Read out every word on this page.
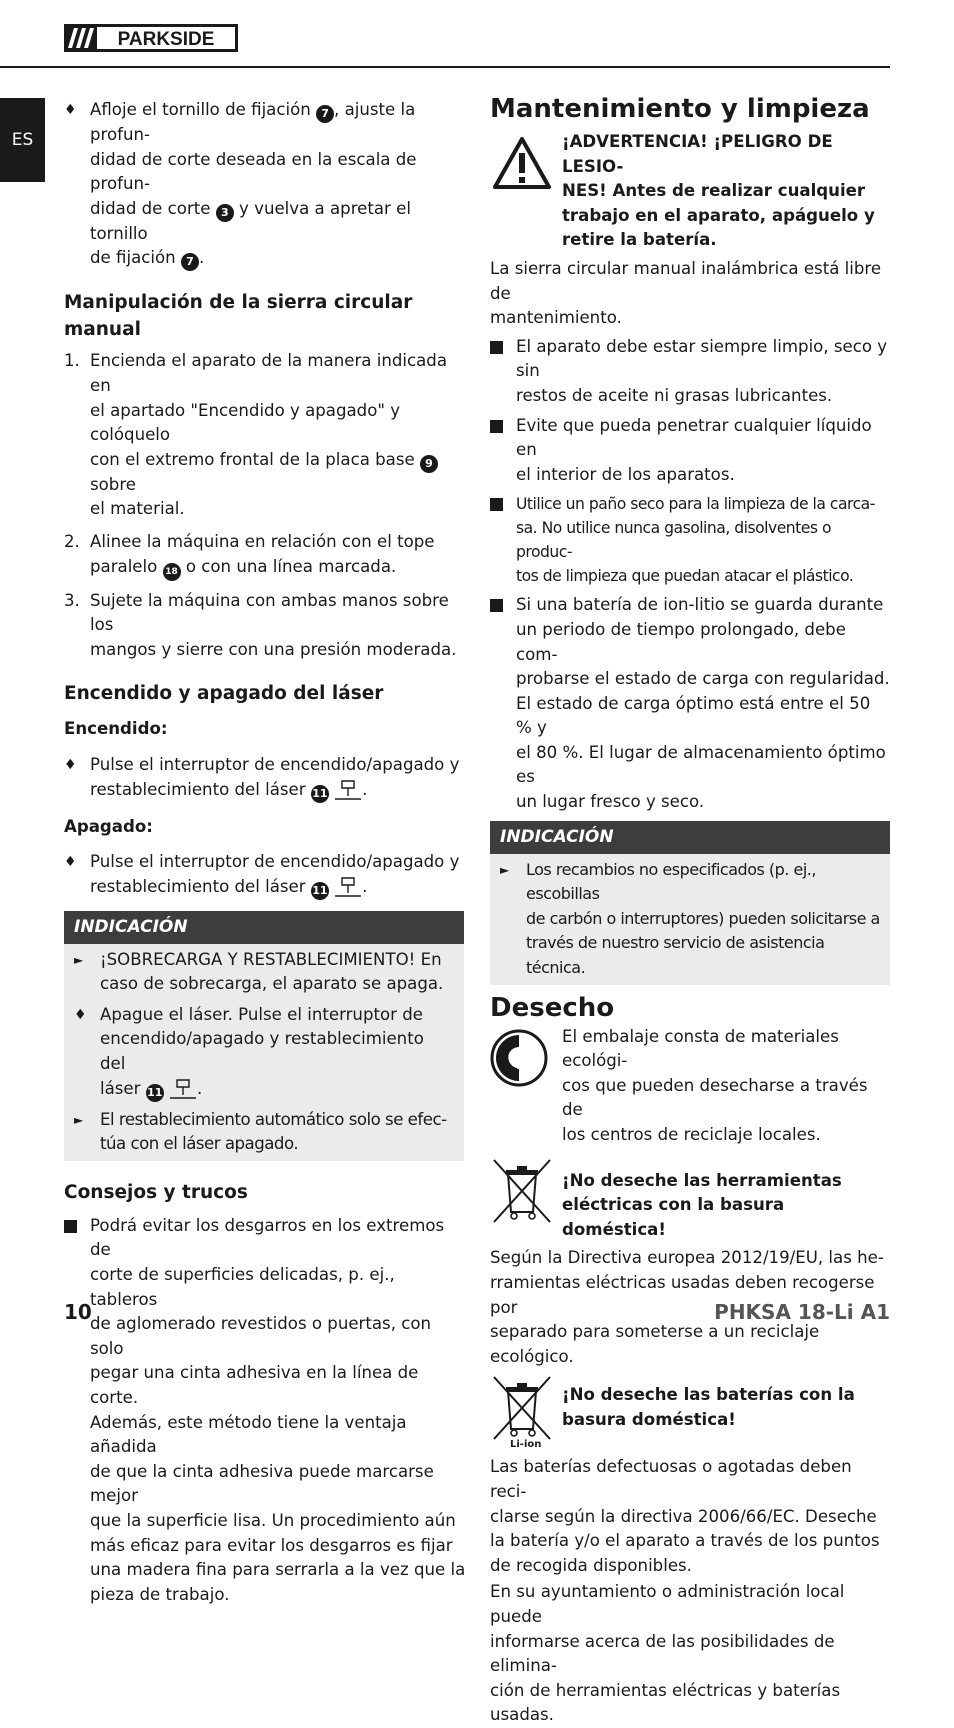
PARKSIDE
ES
♦ Afloje el tornillo de fijación 7 , ajuste la profun-
didad de corte deseada en la escala de profun-
didad de corte 3 y vuelva a apretar el tornillo
de fijación 7 .

Manipulación de la sierra circular
manual
1. Encienda el aparato de la manera indicada en
el apartado "Encendido y apagado" y colóquelo
con el extremo frontal de la placa base 9 sobre
el material.

2. Alinee la máquina en relación con el tope
paralelo 18 o con una línea marcada.

3. Sujete la máquina con ambas manos sobre los
mangos y sierre con una presión moderada.

Encendido y apagado del láser
Encendido:
♦ Pulse el interruptor de encendido/apagado y
restablecimiento del láser 11 .

Apagado:
♦ Pulse el interruptor de encendido/apagado y
restablecimiento del láser 11 .

INDICACIÓN
► ¡SOBRECARGA Y RESTABLECIMIENTO! En
caso de sobrecarga, el aparato se apaga.

♦ Apague el láser. Pulse el interruptor de
encendido/apagado y restablecimiento del
láser 11 .

► El restablecimiento automático solo se efec-
túa con el láser apagado.

Consejos y trucos

Podrá evitar los desgarros en los extremos de
corte de superficies delicadas, p. ej., tableros
de aglomerado revestidos o puertas, con solo
pegar una cinta adhesiva en la línea de corte.
Además, este método tiene la ventaja añadida
de que la cinta adhesiva puede marcarse mejor
que la superficie lisa. Un procedimiento aún
más eficaz para evitar los desgarros es fijar
una madera fina para serrarla a la vez que la
pieza de trabajo.

Mantenimiento y limpieza

¡ADVERTENCIA! ¡PELIGRO DE LESIO-
NES! Antes de realizar cualquier
trabajo en el aparato, apáguelo y
retire la batería.

La sierra circular manual inalámbrica está libre de
mantenimiento.

El aparato debe estar siempre limpio, seco y sin
restos de aceite ni grasas lubricantes.

Evite que pueda penetrar cualquier líquido en
el interior de los aparatos.

Utilice un paño seco para la limpieza de la carca-
sa. No utilice nunca gasolina, disolventes o produc-
tos de limpieza que puedan atacar el plástico.

Si una batería de ion-litio se guarda durante
un periodo de tiempo prolongado, debe com-
probarse el estado de carga con regularidad.
El estado de carga óptimo está entre el 50 % y
el 80 %. El lugar de almacenamiento óptimo es
un lugar fresco y seco.

INDICACIÓN
► Los recambios no especificados (p. ej., escobillas
de carbón o interruptores) pueden solicitarse a
través de nuestro servicio de asistencia técnica.

Desecho

El embalaje consta de materiales ecológi-
cos que pueden desecharse a través de
los centros de reciclaje locales.

¡No deseche las herramientas
eléctricas con la basura doméstica!

Según la Directiva europea 2012/19/EU, las he-
rramientas eléctricas usadas deben recogerse por
separado para someterse a un reciclaje ecológico.

Li-ion

¡No deseche las baterías con la
basura doméstica!

Las baterías defectuosas o agotadas deben reci-
clarse según la directiva 2006/66/EC. Deseche
la batería y/o el aparato a través de los puntos
de recogida disponibles.

En su ayuntamiento o administración local puede
informarse acerca de las posibilidades de elimina-
ción de herramientas eléctricas y baterías usadas.

10	PHKSA 18-Li A1
